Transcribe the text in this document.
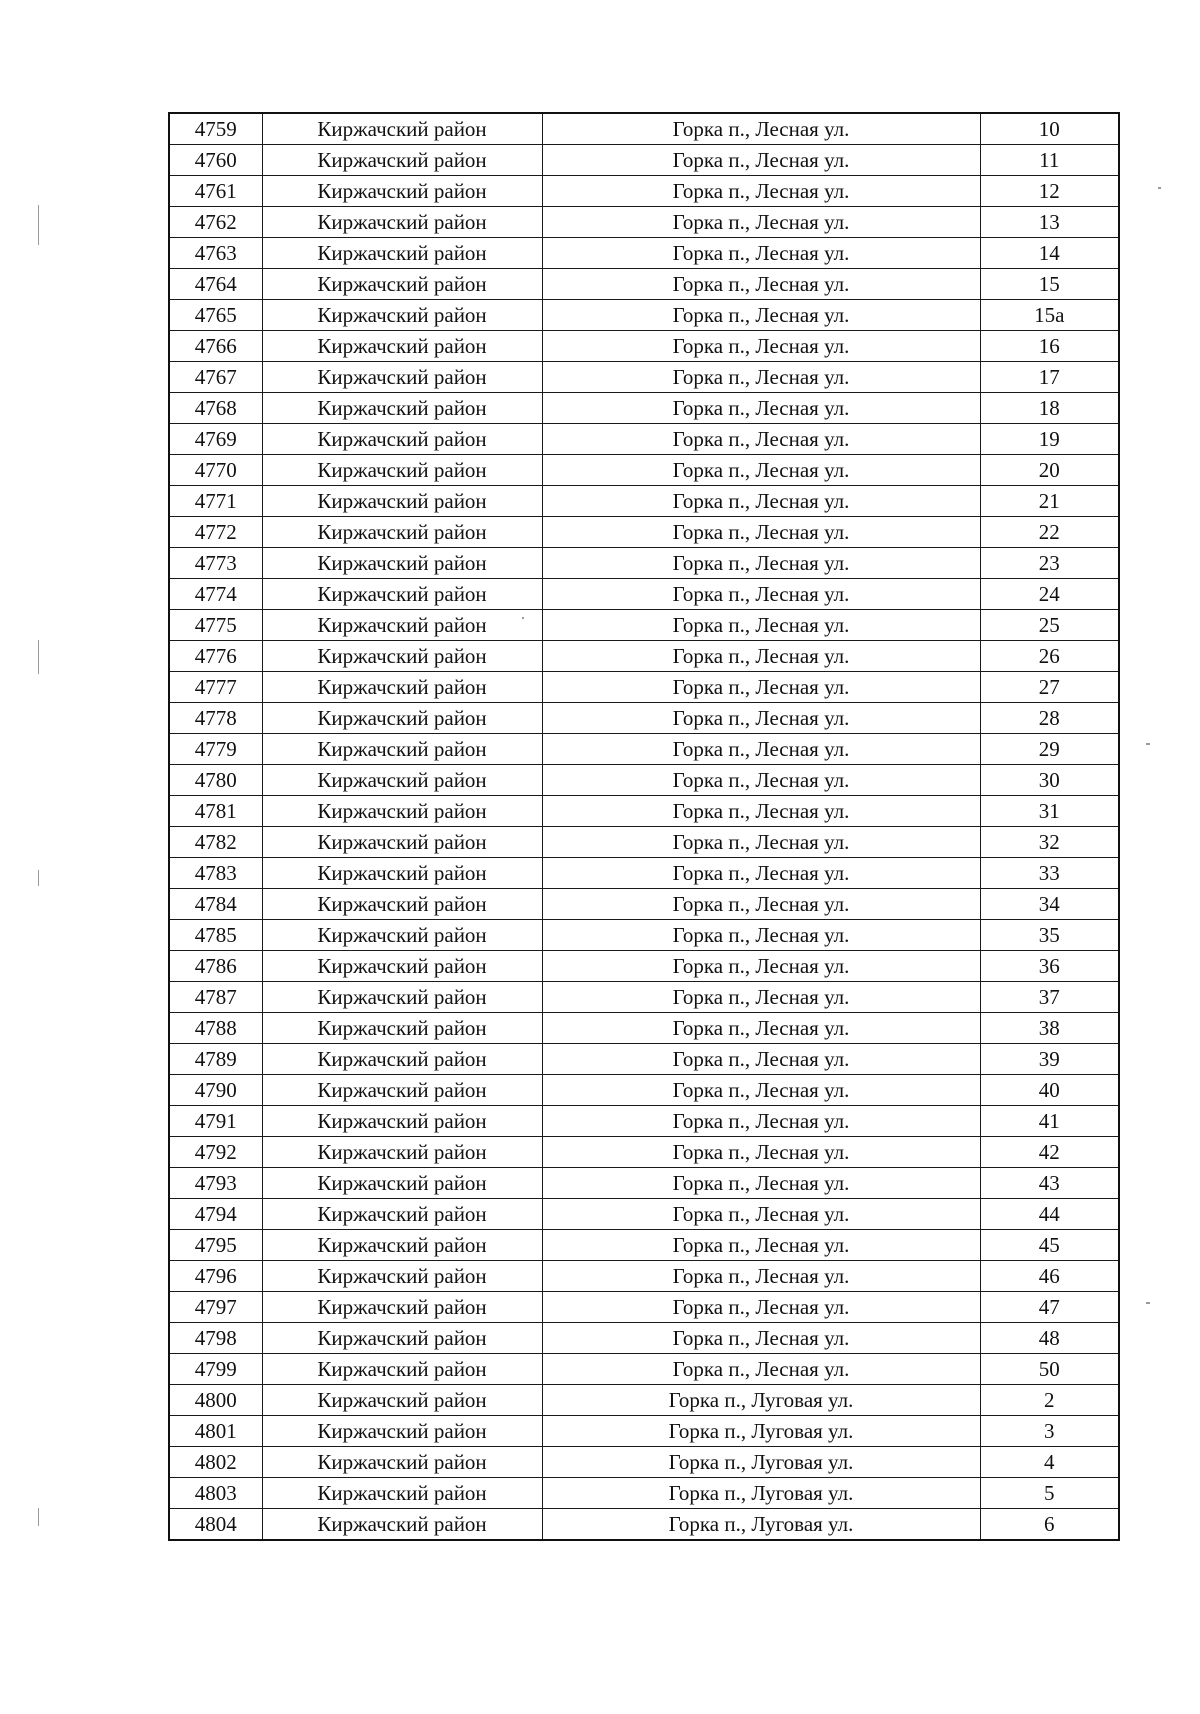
4759	Киржачский район	Горка п., Лесная ул.	10
4760	Киржачский район	Горка п., Лесная ул.	11
4761	Киржачский район	Горка п., Лесная ул.	12
4762	Киржачский район	Горка п., Лесная ул.	13
4763	Киржачский район	Горка п., Лесная ул.	14
4764	Киржачский район	Горка п., Лесная ул.	15
4765	Киржачский район	Горка п., Лесная ул.	15а
4766	Киржачский район	Горка п., Лесная ул.	16
4767	Киржачский район	Горка п., Лесная ул.	17
4768	Киржачский район	Горка п., Лесная ул.	18
4769	Киржачский район	Горка п., Лесная ул.	19
4770	Киржачский район	Горка п., Лесная ул.	20
4771	Киржачский район	Горка п., Лесная ул.	21
4772	Киржачский район	Горка п., Лесная ул.	22
4773	Киржачский район	Горка п., Лесная ул.	23
4774	Киржачский район	Горка п., Лесная ул.	24
4775	Киржачский район	Горка п., Лесная ул.	25
4776	Киржачский район	Горка п., Лесная ул.	26
4777	Киржачский район	Горка п., Лесная ул.	27
4778	Киржачский район	Горка п., Лесная ул.	28
4779	Киржачский район	Горка п., Лесная ул.	29
4780	Киржачский район	Горка п., Лесная ул.	30
4781	Киржачский район	Горка п., Лесная ул.	31
4782	Киржачский район	Горка п., Лесная ул.	32
4783	Киржачский район	Горка п., Лесная ул.	33
4784	Киржачский район	Горка п., Лесная ул.	34
4785	Киржачский район	Горка п., Лесная ул.	35
4786	Киржачский район	Горка п., Лесная ул.	36
4787	Киржачский район	Горка п., Лесная ул.	37
4788	Киржачский район	Горка п., Лесная ул.	38
4789	Киржачский район	Горка п., Лесная ул.	39
4790	Киржачский район	Горка п., Лесная ул.	40
4791	Киржачский район	Горка п., Лесная ул.	41
4792	Киржачский район	Горка п., Лесная ул.	42
4793	Киржачский район	Горка п., Лесная ул.	43
4794	Киржачский район	Горка п., Лесная ул.	44
4795	Киржачский район	Горка п., Лесная ул.	45
4796	Киржачский район	Горка п., Лесная ул.	46
4797	Киржачский район	Горка п., Лесная ул.	47
4798	Киржачский район	Горка п., Лесная ул.	48
4799	Киржачский район	Горка п., Лесная ул.	50
4800	Киржачский район	Горка п., Луговая ул.	2
4801	Киржачский район	Горка п., Луговая ул.	3
4802	Киржачский район	Горка п., Луговая ул.	4
4803	Киржачский район	Горка п., Луговая ул.	5
4804	Киржачский район	Горка п., Луговая ул.	6
